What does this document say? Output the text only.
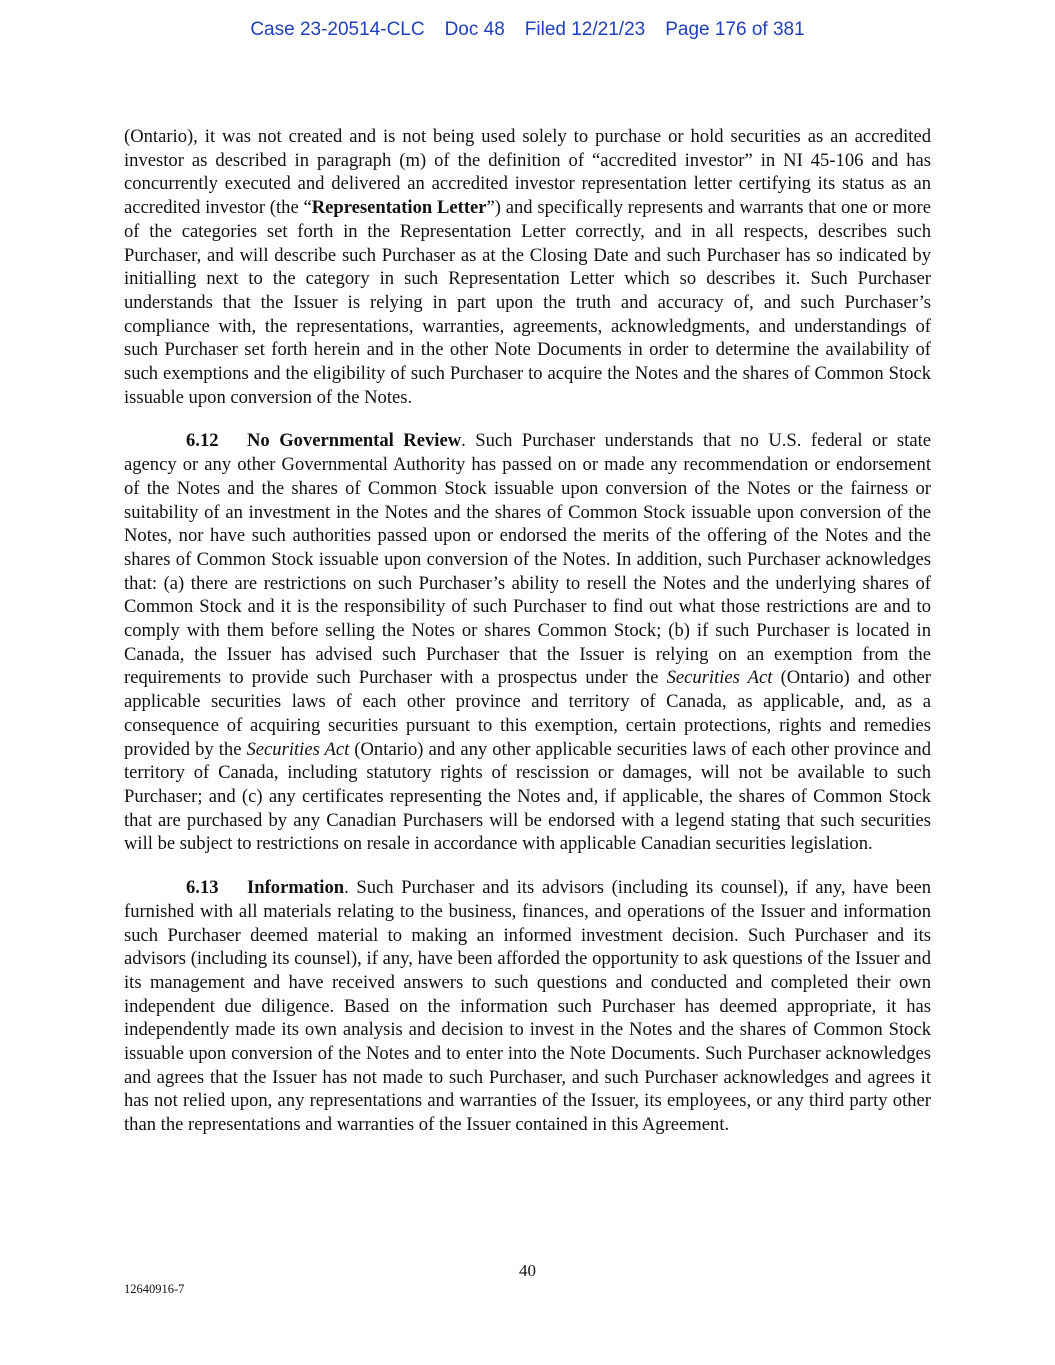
Case 23-20514-CLC Doc 48 Filed 12/21/23 Page 176 of 381

(Ontario), it was not created and is not being used solely to purchase or hold securities as an accredited investor as described in paragraph (m) of the definition of “accredited investor” in NI 45-106 and has concurrently executed and delivered an accredited investor representation letter certifying its status as an accredited investor (the “Representation Letter”) and specifically represents and warrants that one or more of the categories set forth in the Representation Letter correctly, and in all respects, describes such Purchaser, and will describe such Purchaser as at the Closing Date and such Purchaser has so indicated by initialling next to the category in such Representation Letter which so describes it. Such Purchaser understands that the Issuer is relying in part upon the truth and accuracy of, and such Purchaser’s compliance with, the representations, warranties, agreements, acknowledgments, and understandings of such Purchaser set forth herein and in the other Note Documents in order to determine the availability of such exemptions and the eligibility of such Purchaser to acquire the Notes and the shares of Common Stock issuable upon conversion of the Notes.

6.12 No Governmental Review. Such Purchaser understands that no U.S. federal or state agency or any other Governmental Authority has passed on or made any recommendation or endorsement of the Notes and the shares of Common Stock issuable upon conversion of the Notes or the fairness or suitability of an investment in the Notes and the shares of Common Stock issuable upon conversion of the Notes, nor have such authorities passed upon or endorsed the merits of the offering of the Notes and the shares of Common Stock issuable upon conversion of the Notes. In addition, such Purchaser acknowledges that: (a) there are restrictions on such Purchaser’s ability to resell the Notes and the underlying shares of Common Stock and it is the responsibility of such Purchaser to find out what those restrictions are and to comply with them before selling the Notes or shares Common Stock; (b) if such Purchaser is located in Canada, the Issuer has advised such Purchaser that the Issuer is relying on an exemption from the requirements to provide such Purchaser with a prospectus under the Securities Act (Ontario) and other applicable securities laws of each other province and territory of Canada, as applicable, and, as a consequence of acquiring securities pursuant to this exemption, certain protections, rights and remedies provided by the Securities Act (Ontario) and any other applicable securities laws of each other province and territory of Canada, including statutory rights of rescission or damages, will not be available to such Purchaser; and (c) any certificates representing the Notes and, if applicable, the shares of Common Stock that are purchased by any Canadian Purchasers will be endorsed with a legend stating that such securities will be subject to restrictions on resale in accordance with applicable Canadian securities legislation.

6.13 Information. Such Purchaser and its advisors (including its counsel), if any, have been furnished with all materials relating to the business, finances, and operations of the Issuer and information such Purchaser deemed material to making an informed investment decision. Such Purchaser and its advisors (including its counsel), if any, have been afforded the opportunity to ask questions of the Issuer and its management and have received answers to such questions and conducted and completed their own independent due diligence. Based on the information such Purchaser has deemed appropriate, it has independently made its own analysis and decision to invest in the Notes and the shares of Common Stock issuable upon conversion of the Notes and to enter into the Note Documents. Such Purchaser acknowledges and agrees that the Issuer has not made to such Purchaser, and such Purchaser acknowledges and agrees it has not relied upon, any representations and warranties of the Issuer, its employees, or any third party other than the representations and warranties of the Issuer contained in this Agreement.

40
12640916-7
